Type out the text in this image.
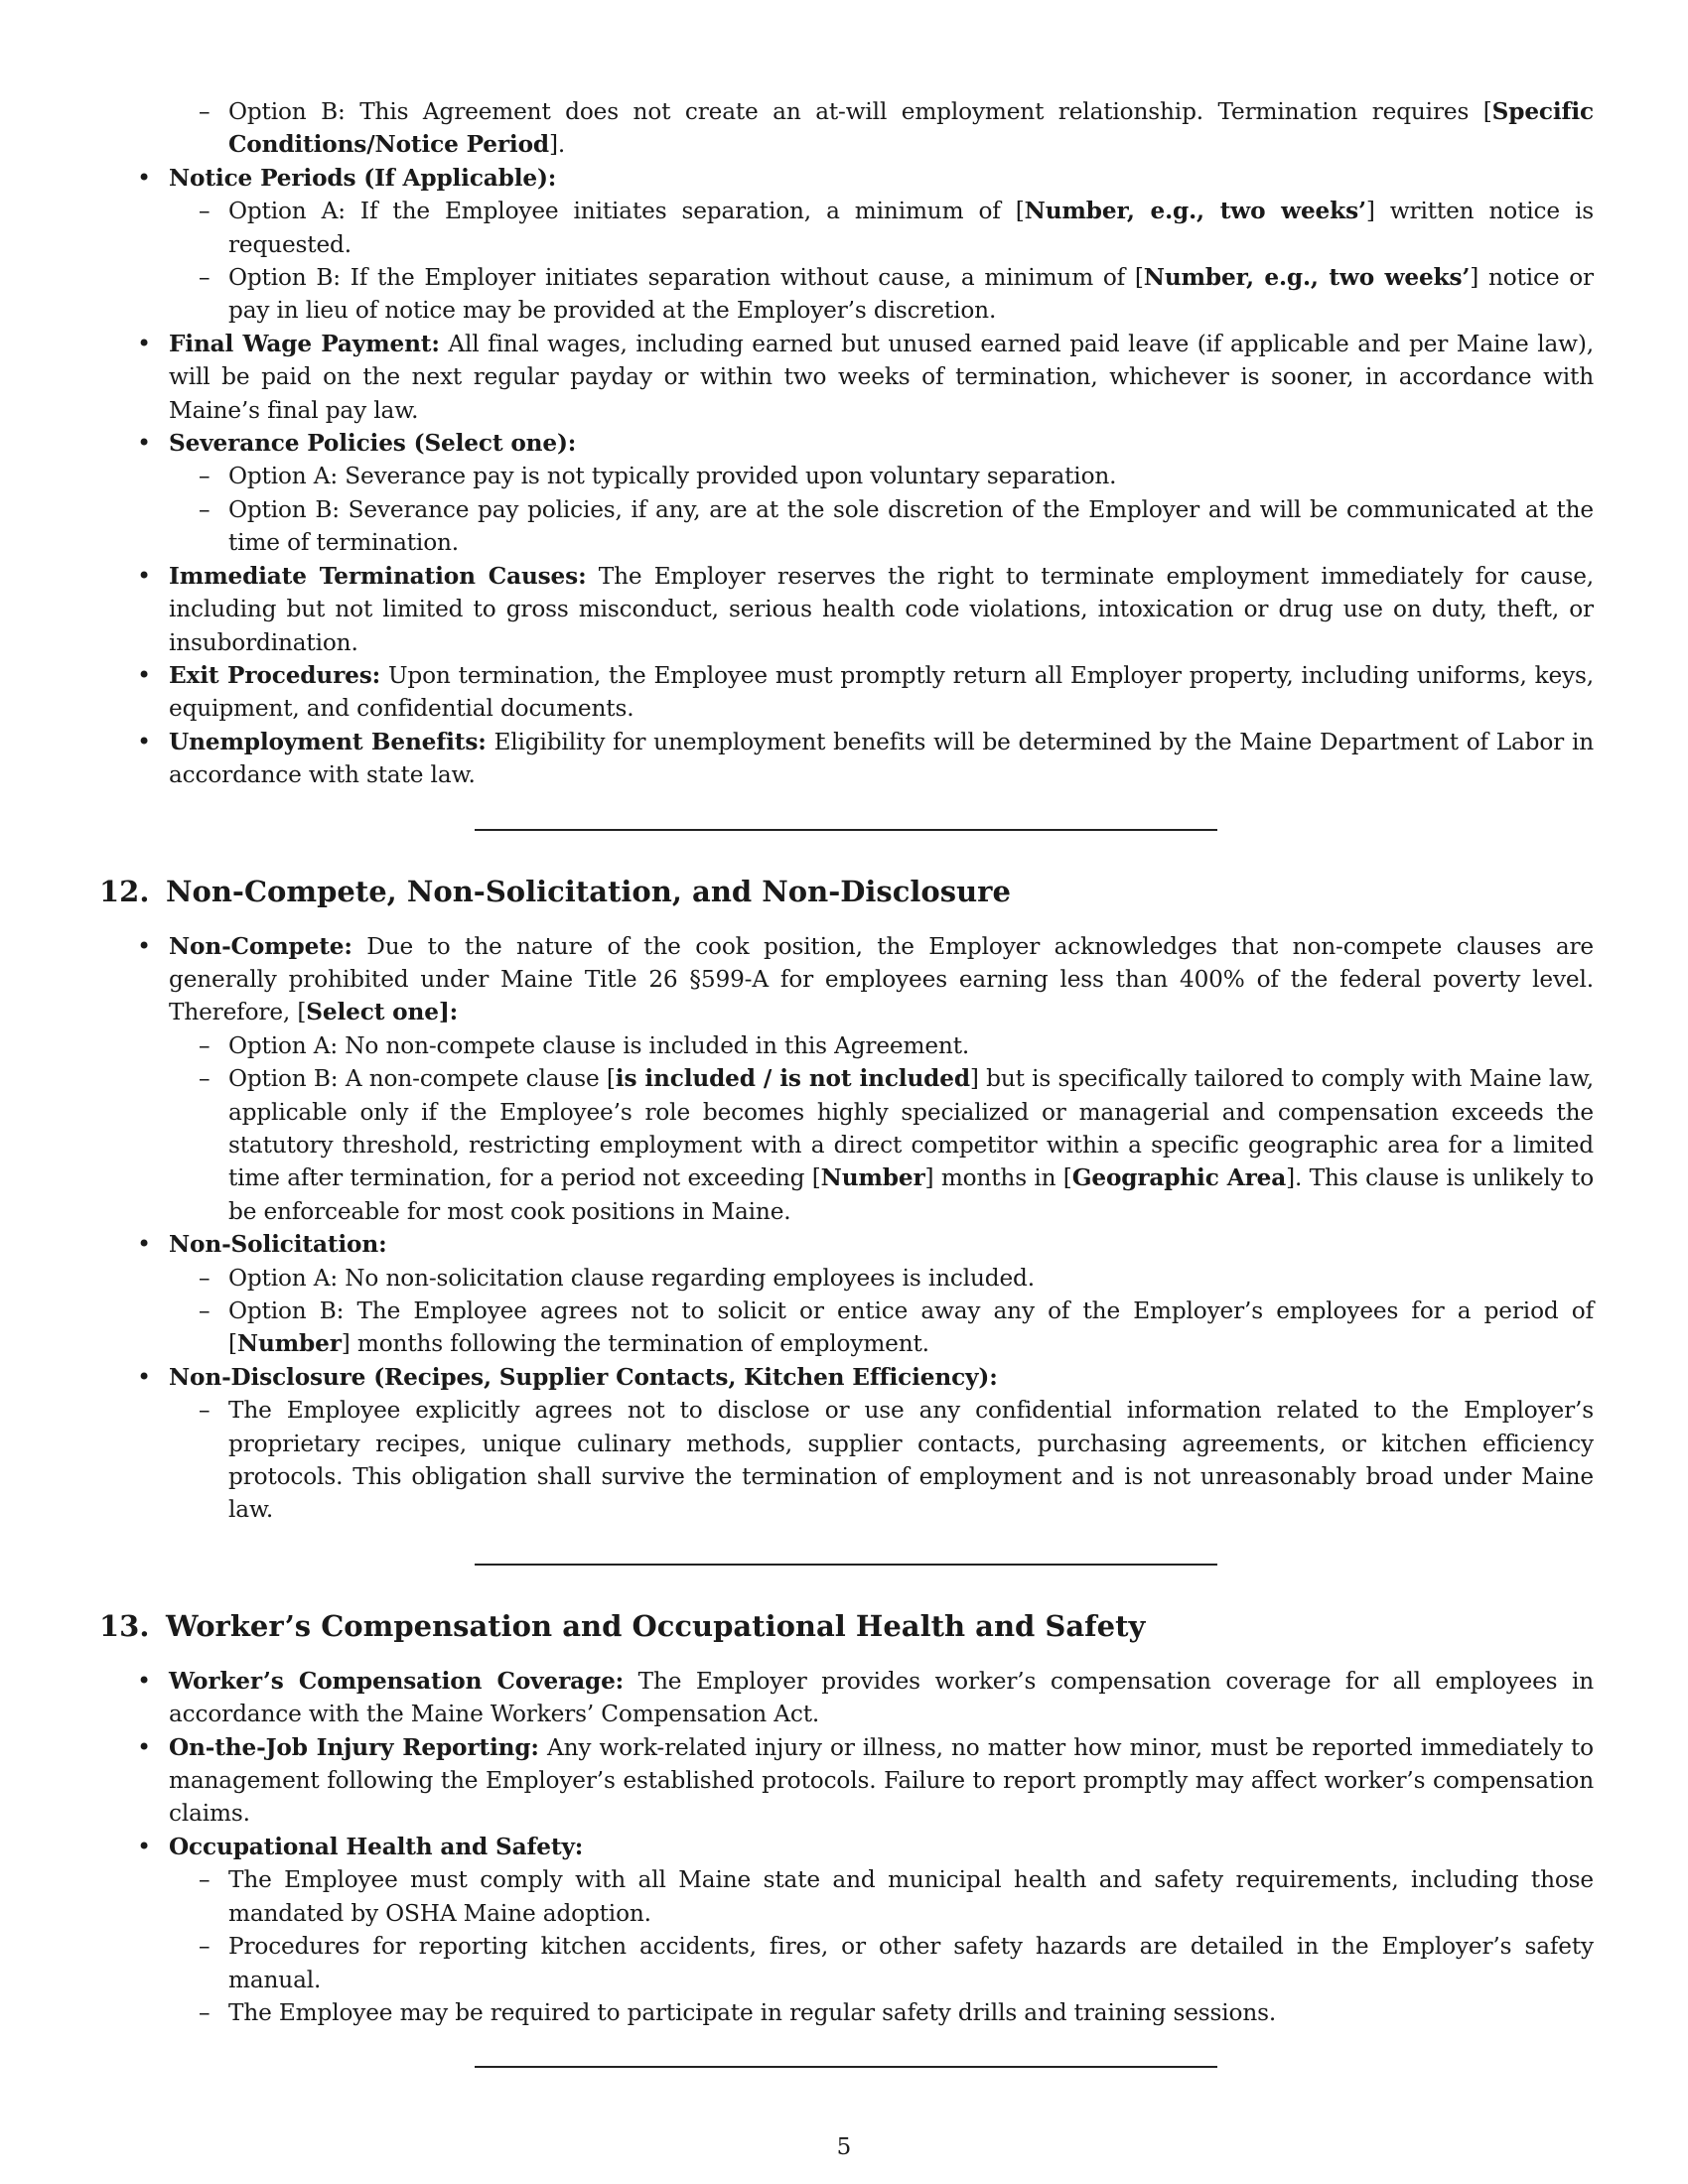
– Option B: This Agreement does not create an at-will employment relationship. Termination requires [Specific Conditions/Notice Period].
• Notice Periods (If Applicable):
– Option A: If the Employee initiates separation, a minimum of [Number, e.g., two weeks’] written notice is requested.
– Option B: If the Employer initiates separation without cause, a minimum of [Number, e.g., two weeks’] notice or pay in lieu of notice may be provided at the Employer’s discretion.
• Final Wage Payment: All final wages, including earned but unused earned paid leave (if applicable and per Maine law), will be paid on the next regular payday or within two weeks of termination, whichever is sooner, in accordance with Maine’s final pay law.
• Severance Policies (Select one):
– Option A: Severance pay is not typically provided upon voluntary separation.
– Option B: Severance pay policies, if any, are at the sole discretion of the Employer and will be communicated at the time of termination.
• Immediate Termination Causes: The Employer reserves the right to terminate employment immediately for cause, including but not limited to gross misconduct, serious health code violations, intoxication or drug use on duty, theft, or insubordination.
• Exit Procedures: Upon termination, the Employee must promptly return all Employer property, including uniforms, keys, equipment, and confidential documents.
• Unemployment Benefits: Eligibility for unemployment benefits will be determined by the Maine Department of Labor in accordance with state law.
12. Non-Compete, Non-Solicitation, and Non-Disclosure
• Non-Compete: Due to the nature of the cook position, the Employer acknowledges that non-compete clauses are generally prohibited under Maine Title 26 §599-A for employees earning less than 400% of the federal poverty level. Therefore, [Select one]:
– Option A: No non-compete clause is included in this Agreement.
– Option B: A non-compete clause [is included / is not included] but is specifically tailored to comply with Maine law, applicable only if the Employee’s role becomes highly specialized or managerial and compensation exceeds the statutory threshold, restricting employment with a direct competitor within a specific geographic area for a limited time after termination, for a period not exceeding [Number] months in [Geographic Area]. This clause is unlikely to be enforceable for most cook positions in Maine.
• Non-Solicitation:
– Option A: No non-solicitation clause regarding employees is included.
– Option B: The Employee agrees not to solicit or entice away any of the Employer’s employees for a period of [Number] months following the termination of employment.
• Non-Disclosure (Recipes, Supplier Contacts, Kitchen Efficiency):
– The Employee explicitly agrees not to disclose or use any confidential information related to the Employer’s proprietary recipes, unique culinary methods, supplier contacts, purchasing agreements, or kitchen efficiency protocols. This obligation shall survive the termination of employment and is not unreasonably broad under Maine law.
13. Worker’s Compensation and Occupational Health and Safety
• Worker’s Compensation Coverage: The Employer provides worker’s compensation coverage for all employees in accordance with the Maine Workers’ Compensation Act.
• On-the-Job Injury Reporting: Any work-related injury or illness, no matter how minor, must be reported immediately to management following the Employer’s established protocols. Failure to report promptly may affect worker’s compensation claims.
• Occupational Health and Safety:
– The Employee must comply with all Maine state and municipal health and safety requirements, including those mandated by OSHA Maine adoption.
– Procedures for reporting kitchen accidents, fires, or other safety hazards are detailed in the Employer’s safety manual.
– The Employee may be required to participate in regular safety drills and training sessions.
5
